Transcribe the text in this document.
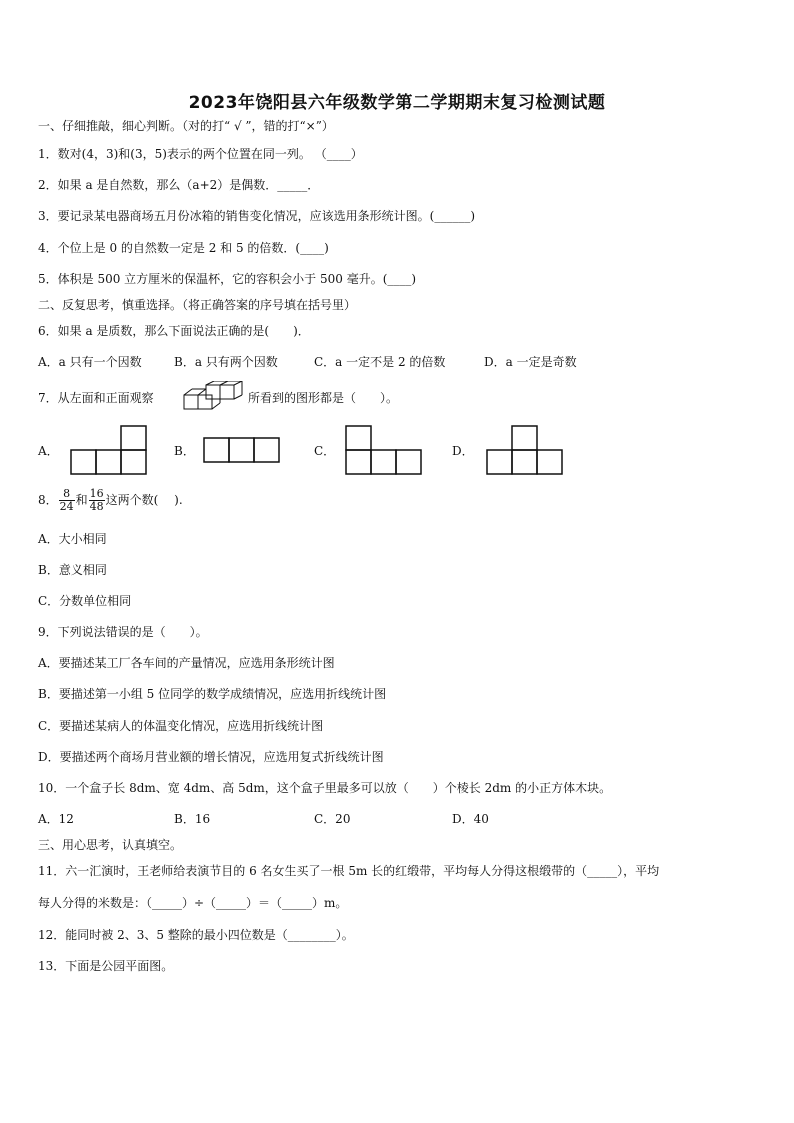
2023年饶阳县六年级数学第二学期期末复习检测试题
一、仔细推敲，细心判断。（对的打“ √ ”，错的打“×”）
1．数对(4，3)和(3，5)表示的两个位置在同一列。 （____）
2．如果 a 是自然数，那么（a+2）是偶数．_____．
3．要记录某电器商场五月份冰箱的销售变化情况，应该选用条形统计图。(______)
4．个位上是 0 的自然数一定是 2 和 5 的倍数．(____)
5．体积是 500 立方厘米的保温杯，它的容积会小于 500 毫升。(____)
二、反复思考，慎重选择。（将正确答案的序号填在括号里）
6．如果 a 是质数，那么下面说法正确的是(　　)．
A．a 只有一个因数	B．a 只有两个因数	C．a 一定不是 2 的倍数	D．a 一定是奇数
7．从左面和正面观察	所看到的图形都是（　　）。
A．	B．	C．	D．
8． $\frac{8}{24}$ 和 $\frac{16}{48}$ 这两个数(　 ).
A．大小相同
B．意义相同
C．分数单位相同
9．下列说法错误的是（　　）。
A．要描述某工厂各车间的产量情况，应选用条形统计图
B．要描述第一小组 5 位同学的数学成绩情况，应选用折线统计图
C．要描述某病人的体温变化情况，应选用折线统计图
D．要描述两个商场月营业额的增长情况，应选用复式折线统计图
10．一个盒子长 8dm、宽 4dm、高 5dm，这个盒子里最多可以放（　　）个棱长 2dm 的小正方体木块。
A．12	B．16	C．20	D．40
三、用心思考，认真填空。
11．六一汇演时，王老师给表演节目的 6 名女生买了一根 5m 长的红缎带，平均每人分得这根缎带的（_____），平均
每人分得的米数是：（_____）÷（_____）＝（_____）m。
12．能同时被 2、3、5 整除的最小四位数是（________）。
13．下面是公园平面图。
